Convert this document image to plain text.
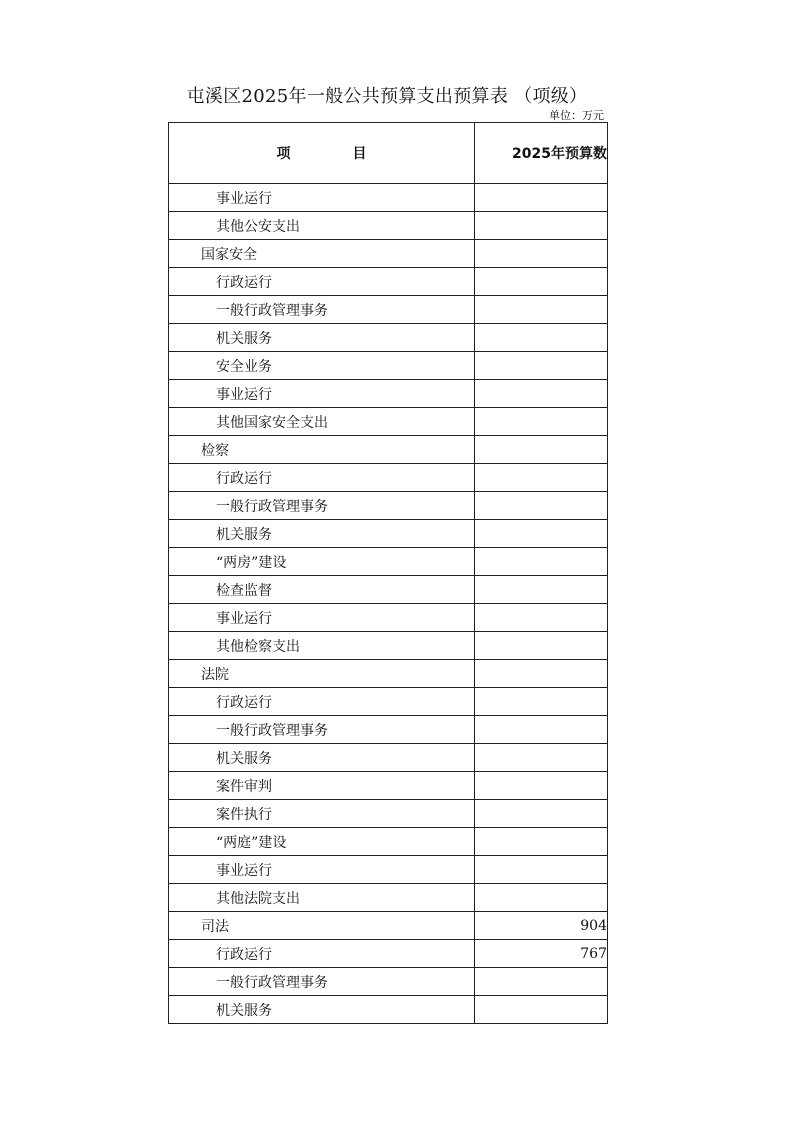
屯溪区2025年一般公共预算支出预算表 （项级）
单位：万元
项 目	2025年预算数
事业运行	
其他公安支出	
国家安全	
行政运行	
一般行政管理事务	
机关服务	
安全业务	
事业运行	
其他国家安全支出	
检察	
行政运行	
一般行政管理事务	
机关服务	
“两房”建设	
检查监督	
事业运行	
其他检察支出	
法院	
行政运行	
一般行政管理事务	
机关服务	
案件审判	
案件执行	
“两庭”建设	
事业运行	
其他法院支出	
司法	904
行政运行	767
一般行政管理事务	
机关服务	
